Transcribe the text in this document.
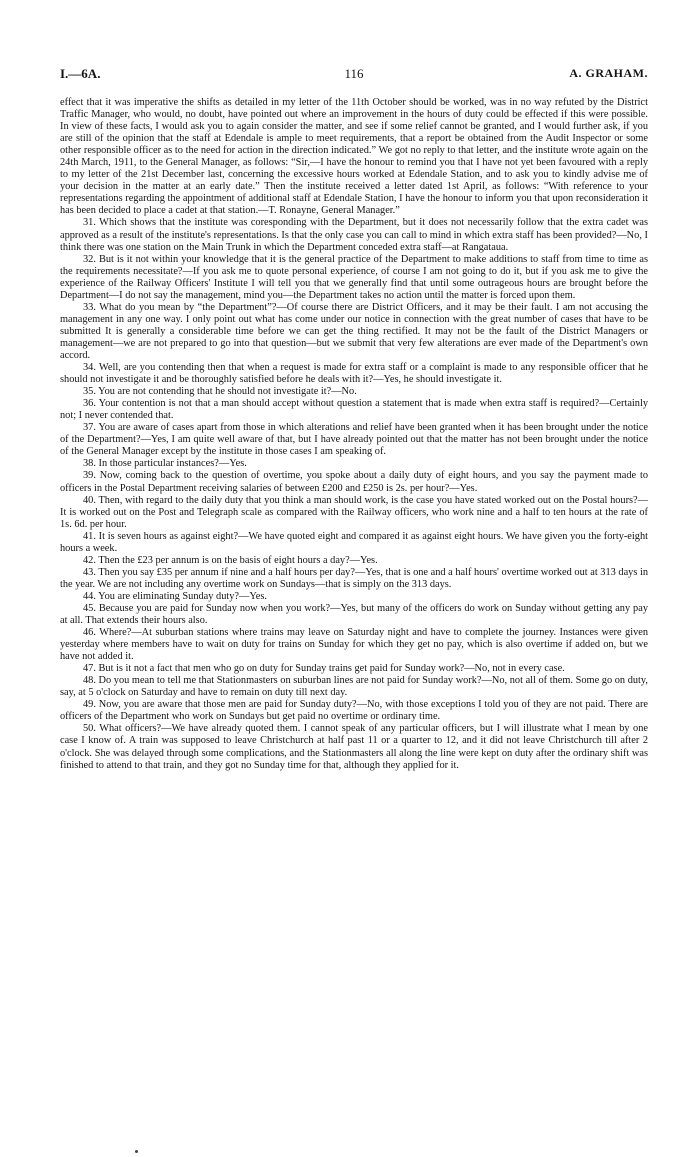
I.—6A.	116	A. GRAHAM.

effect that it was imperative the shifts as detailed in my letter of the 11th October should be worked, was in no way refuted by the District Traffic Manager, who would, no doubt, have pointed out where an improvement in the hours of duty could be effected if this were possible. In view of these facts, I would ask you to again consider the matter, and see if some relief cannot be granted, and I would further ask, if you are still of the opinion that the staff at Edendale is ample to meet requirements, that a report be obtained from the Audit Inspector or some other responsible officer as to the need for action in the direction indicated.” We got no reply to that letter, and the institute wrote again on the 24th March, 1911, to the General Manager, as follows: “Sir,—I have the honour to remind you that I have not yet been favoured with a reply to my letter of the 21st December last, concerning the excessive hours worked at Edendale Station, and to ask you to kindly advise me of your decision in the matter at an early date.” Then the institute received a letter dated 1st April, as follows: “With reference to your representations regarding the appointment of additional staff at Edendale Station, I have the honour to inform you that upon reconsideration it has been decided to place a cadet at that station.—T. Ronayne, General Manager.”

31. Which shows that the institute was coresponding with the Department, but it does not necessarily follow that the extra cadet was approved as a result of the institute's representations. Is that the only case you can call to mind in which extra staff has been provided?—No, I think there was one station on the Main Trunk in which the Department conceded extra staff—at Rangataua.

32. But is it not within your knowledge that it is the general practice of the Department to make additions to staff from time to time as the requirements necessitate?—If you ask me to quote personal experience, of course I am not going to do it, but if you ask me to give the experience of the Railway Officers' Institute I will tell you that we generally find that until some outrageous hours are brought before the Department—I do not say the management, mind you—the Department takes no action until the matter is forced upon them.

33. What do you mean by “the Department”?—Of course there are District Officers, and it may be their fault. I am not accusing the management in any one way. I only point out what has come under our notice in connection with the great number of cases that have to be submitted It is generally a considerable time before we can get the thing rectified. It may not be the fault of the District Managers or management—we are not prepared to go into that question—but we submit that very few alterations are ever made of the Department's own accord.

34. Well, are you contending then that when a request is made for extra staff or a complaint is made to any responsible officer that he should not investigate it and be thoroughly satisfied before he deals with it?—Yes, he should investigate it.

35. You are not contending that he should not investigate it?—No.

36. Your contention is not that a man should accept without question a statement that is made when extra staff is required?—Certainly not; I never contended that.

37. You are aware of cases apart from those in which alterations and relief have been granted when it has been brought under the notice of the Department?—Yes, I am quite well aware of that, but I have already pointed out that the matter has not been brought under the notice of the General Manager except by the institute in those cases I am speaking of.

38. In those particular instances?—Yes.

39. Now, coming back to the question of overtime, you spoke about a daily duty of eight hours, and you say the payment made to officers in the Postal Department receiving salaries of between £200 and £250 is 2s. per hour?—Yes.

40. Then, with regard to the daily duty that you think a man should work, is the case you have stated worked out on the Postal hours?—It is worked out on the Post and Telegraph scale as compared with the Railway officers, who work nine and a half to ten hours at the rate of 1s. 6d. per hour.

41. It is seven hours as against eight?—We have quoted eight and compared it as against eight hours. We have given you the forty-eight hours a week.

42. Then the £23 per annum is on the basis of eight hours a day?—Yes.

43. Then you say £35 per annum if nine and a half hours per day?—Yes, that is one and a half hours' overtime worked out at 313 days in the year. We are not including any overtime work on Sundays—that is simply on the 313 days.

44. You are eliminating Sunday duty?—Yes.

45. Because you are paid for Sunday now when you work?—Yes, but many of the officers do work on Sunday without getting any pay at all. That extends their hours also.

46. Where?—At suburban stations where trains may leave on Saturday night and have to complete the journey. Instances were given yesterday where members have to wait on duty for trains on Sunday for which they get no pay, which is also overtime if added on, but we have not added it.

47. But is it not a fact that men who go on duty for Sunday trains get paid for Sunday work?—No, not in every case.

48. Do you mean to tell me that Stationmasters on suburban lines are not paid for Sunday work?—No, not all of them. Some go on duty, say, at 5 o'clock on Saturday and have to remain on duty till next day.

49. Now, you are aware that those men are paid for Sunday duty?—No, with those exceptions I told you of they are not paid. There are officers of the Department who work on Sundays but get paid no overtime or ordinary time.

50. What officers?—We have already quoted them. I cannot speak of any particular officers, but I will illustrate what I mean by one case I know of. A train was supposed to leave Christchurch at half past 11 or a quarter to 12, and it did not leave Christchurch till after 2 o'clock. She was delayed through some complications, and the Stationmasters all along the line were kept on duty after the ordinary shift was finished to attend to that train, and they got no Sunday time for that, although they applied for it.
